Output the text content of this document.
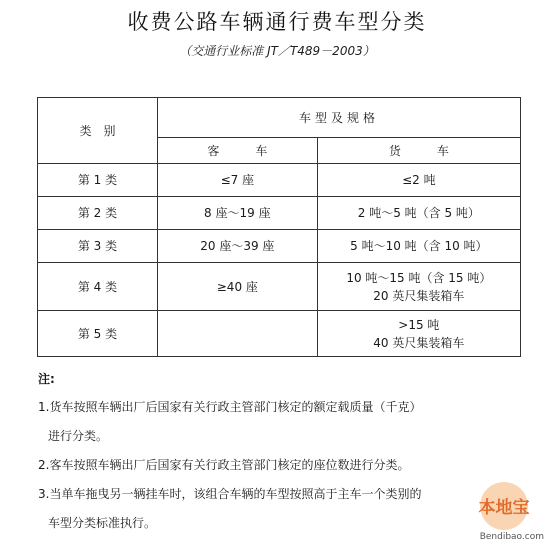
收费公路车辆通行费车型分类
（交通行业标准 JT／T489－2003）
类　别	车型及规格	
	客　　　车	货　　　车
第 1 类	≤7 座	≤2 吨

第 2 类	8 座～19 座	2 吨～5 吨（含 5 吨）

第 3 类	20 座～39 座	5 吨～10 吨（含 10 吨）

第 4 类	≥40 座	10 吨～15 吨（含 15 吨）
20 英尺集装箱车

第 5 类		>15 吨
40 英尺集装箱车
注:
1.货车按照车辆出厂后国家有关行政主管部门核定的额定载质量（千克）
进行分类。
2.客车按照车辆出厂后国家有关行政主管部门核定的座位数进行分类。
3.当单车拖曳另一辆挂车时，该组合车辆的车型按照高于主车一个类别的
车型分类标准执行。
本地宝
Bendibao.com
